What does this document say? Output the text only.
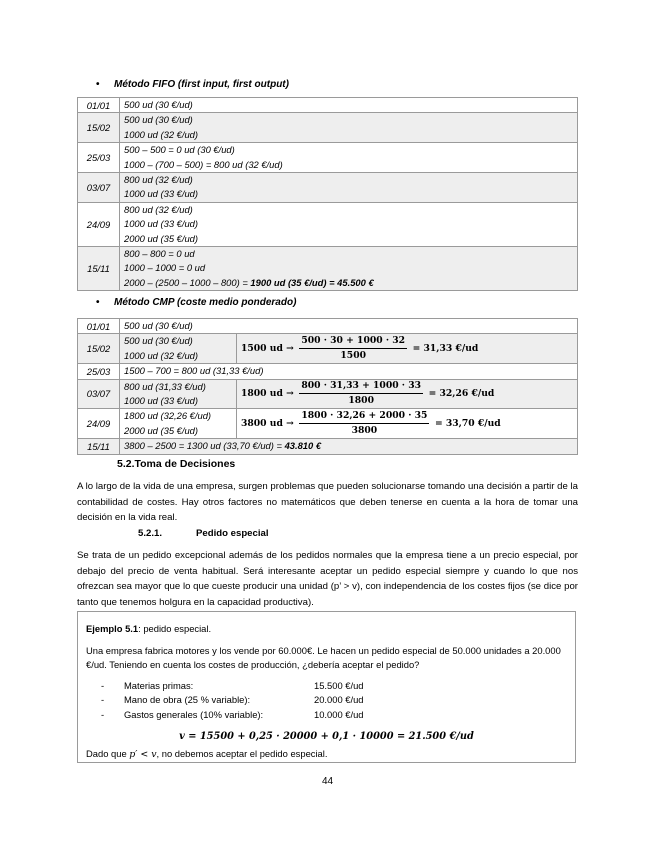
• Método FIFO (first input, first output)
01/01	500 ud (30 €/ud)

15/02	500 ud (30 €/ud)
1000 ud (32 €/ud)

25/03	500 – 500 = 0 ud (30 €/ud)
1000 – (700 – 500) = 800 ud (32 €/ud)

03/07	800 ud (32 €/ud)
1000 ud (33 €/ud)

24/09	800 ud (32 €/ud)
1000 ud (33 €/ud)
2000 ud (35 €/ud)

15/11	800 – 800 = 0 ud
1000 – 1000 = 0 ud
2000 – (2500 – 1000 – 800) = 1900 ud (35 €/ud) = 45.500 €
• Método CMP (coste medio ponderado)
01/01	500 ud (30 €/ud)	

15/02	500 ud (30 €/ud)
1000 ud (32 €/ud)	1500 ud → $\frac{500 \cdot 30 + 1000 \cdot 32}{1500} = 31,33$ €/ud
25/03	1500 – 700 = 800 ud (31,33 €/ud)	

03/07	800 ud (31,33 €/ud)
1000 ud (33 €/ud)	1800 ud → $\frac{800 \cdot 31,33 + 1000 \cdot 33}{1800} = 32,26$ €/ud
24/09	1800 ud (32,26 €/ud)
2000 ud (35 €/ud)	3800 ud → $\frac{1800 \cdot 32,26 + 2000 \cdot 35}{3800} = 33,70$ €/ud
15/11	3800 – 2500 = 1300 ud (33,70 €/ud) = 43.810 €	
5.2.Toma de Decisiones
A lo largo de la vida de una empresa, surgen problemas que pueden solucionarse tomando una decisión a partir de la contabilidad de costes. Hay otros factores no matemáticos que deben tenerse en cuenta a la hora de tomar una decisión en la vida real.
5.2.1.	Pedido especial
Se trata de un pedido excepcional además de los pedidos normales que la empresa tiene a un precio especial, por debajo del precio de venta habitual. Será interesante aceptar un pedido especial siempre y cuando lo que nos ofrezcan sea mayor que lo que cueste producir una unidad (p’ > v), con independencia de los costes fijos (se dice por tanto que tenemos holgura en la capacidad productiva).
Ejemplo 5.1: pedido especial.
Una empresa fabrica motores y los vende por 60.000€. Le hacen un pedido especial de 50.000 unidades a 20.000 €/ud. Teniendo en cuenta los costes de producción, ¿debería aceptar el pedido?
-	Materias primas:	15.500 €/ud
-	Mano de obra (25 % variable):	20.000 €/ud
-	Gastos generales (10% variable):	10.000 €/ud
v = 15500 + 0,25 · 20000 + 0,1 · 10000 = 21.500 €/ud
Dado que p′ < v, no debemos aceptar el pedido especial.
44
